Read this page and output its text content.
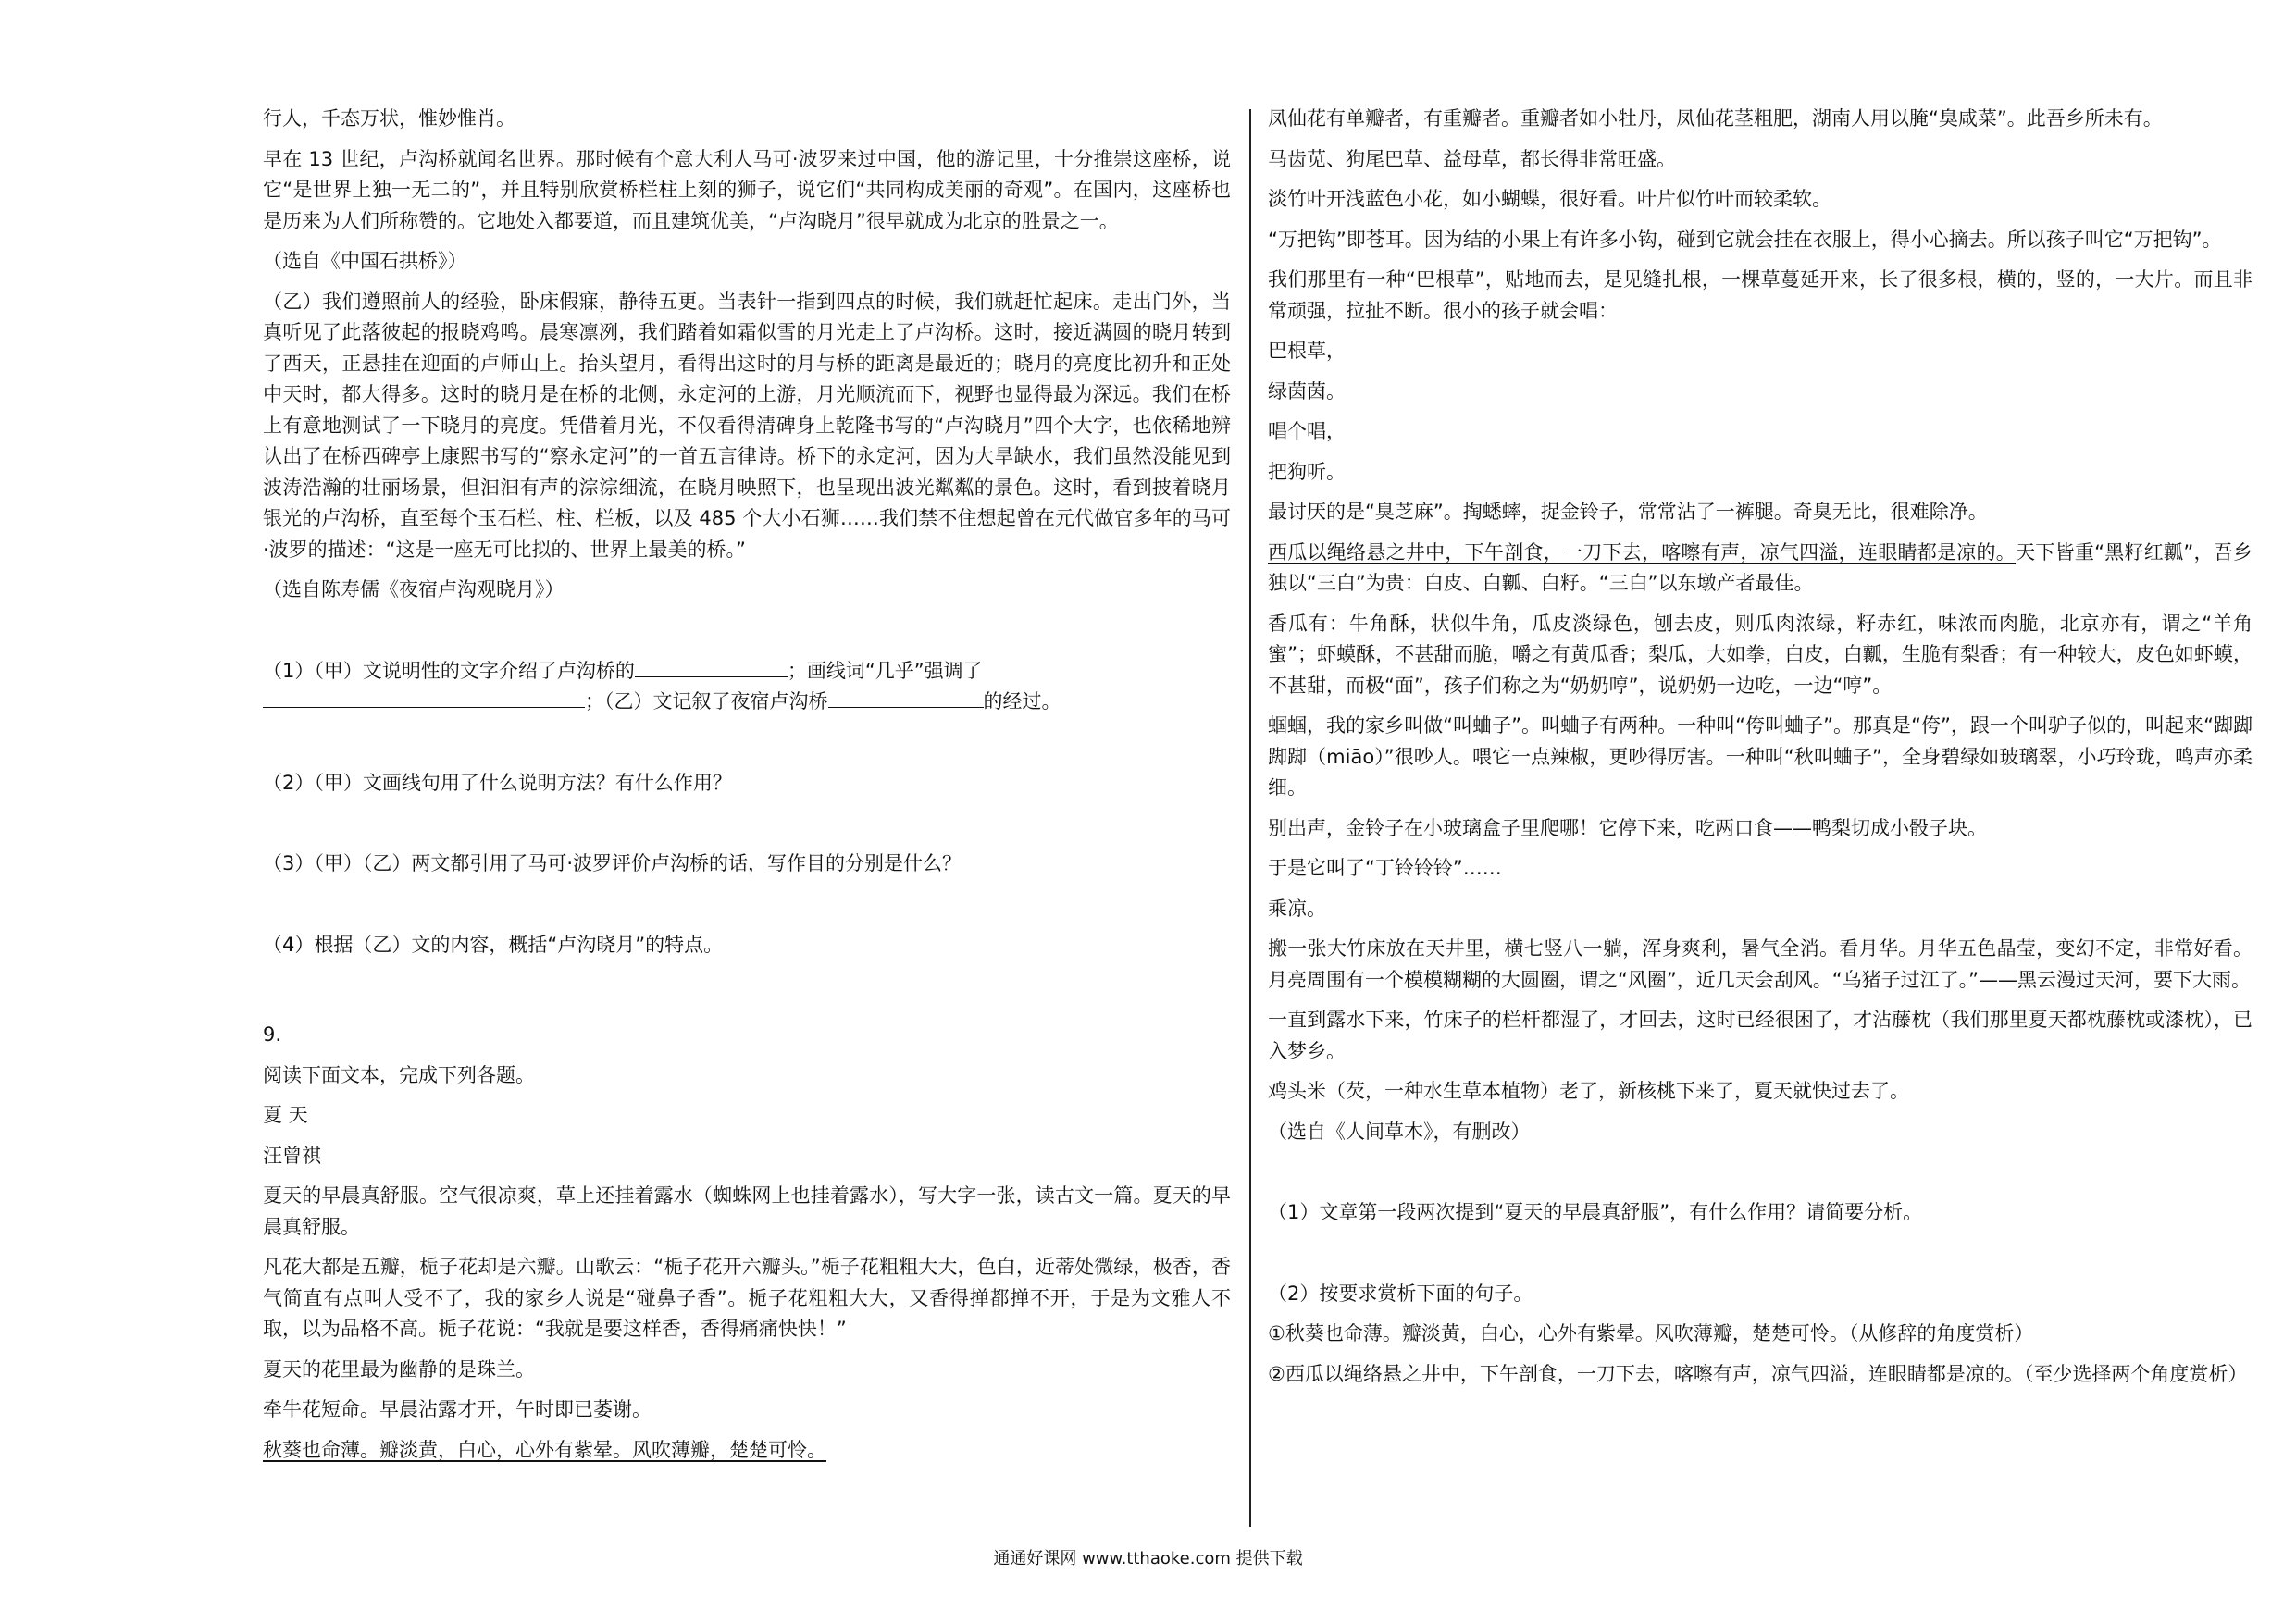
行人，千态万状，惟妙惟肖。

早在 13 世纪，卢沟桥就闻名世界。那时候有个意大利人马可·波罗来过中国，他的游记里，十分推崇这座桥，说它“是世界上独一无二的”，并且特别欣赏桥栏柱上刻的狮子，说它们“共同构成美丽的奇观”。在国内，这座桥也是历来为人们所称赞的。它地处入都要道，而且建筑优美，“卢沟晓月”很早就成为北京的胜景之一。

（选自《中国石拱桥》）

（乙）我们遵照前人的经验，卧床假寐，静待五更。当表针一指到四点的时候，我们就赶忙起床。走出门外，当真听见了此落彼起的报晓鸡鸣。晨寒凛冽，我们踏着如霜似雪的月光走上了卢沟桥。这时，接近满圆的晓月转到了西天，正悬挂在迎面的卢师山上。抬头望月，看得出这时的月与桥的距离是最近的；晓月的亮度比初升和正处中天时，都大得多。这时的晓月是在桥的北侧，永定河的上游，月光顺流而下，视野也显得最为深远。我们在桥上有意地测试了一下晓月的亮度。凭借着月光，不仅看得清碑身上乾隆书写的“卢沟晓月”四个大字，也依稀地辨认出了在桥西碑亭上康熙书写的“察永定河”的一首五言律诗。桥下的永定河，因为大旱缺水，我们虽然没能见到波涛浩瀚的壮丽场景，但汩汩有声的淙淙细流，在晓月映照下，也呈现出波光粼粼的景色。这时，看到披着晓月银光的卢沟桥，直至每个玉石栏、柱、栏板，以及 485 个大小石狮……我们禁不住想起曾在元代做官多年的马可·波罗的描述：“这是一座无可比拟的、世界上最美的桥。”

（选自陈寿儒《夜宿卢沟观晓月》）

（1）（甲）文说明性的文字介绍了卢沟桥的	；画线词“几乎”强调了
；（乙）文记叙了夜宿卢沟桥	的经过。

（2）（甲）文画线句用了什么说明方法？有什么作用？

（3）（甲）（乙）两文都引用了马可·波罗评价卢沟桥的话，写作目的分别是什么？

（4）根据（乙）文的内容，概括“卢沟晓月”的特点。

9.

阅读下面文本，完成下列各题。

夏 天

汪曾祺

夏天的早晨真舒服。空气很凉爽，草上还挂着露水（蜘蛛网上也挂着露水），写大字一张，读古文一篇。夏天的早晨真舒服。

凡花大都是五瓣，栀子花却是六瓣。山歌云：“栀子花开六瓣头。”栀子花粗粗大大，色白，近蒂处微绿，极香，香气简直有点叫人受不了，我的家乡人说是“碰鼻子香”。栀子花粗粗大大，又香得掸都掸不开，于是为文雅人不取，以为品格不高。栀子花说：“我就是要这样香，香得痛痛快快！”

夏天的花里最为幽静的是珠兰。

牵牛花短命。早晨沾露才开，午时即已萎谢。

秋葵也命薄。瓣淡黄，白心，心外有紫晕。风吹薄瓣，楚楚可怜。

凤仙花有单瓣者，有重瓣者。重瓣者如小牡丹，凤仙花茎粗肥，湖南人用以腌“臭咸菜”。此吾乡所未有。

马齿苋、狗尾巴草、益母草，都长得非常旺盛。

淡竹叶开浅蓝色小花，如小蝴蝶，很好看。叶片似竹叶而较柔软。

“万把钩”即苍耳。因为结的小果上有许多小钩，碰到它就会挂在衣服上，得小心摘去。所以孩子叫它“万把钩”。

我们那里有一种“巴根草”，贴地而去，是见缝扎根，一棵草蔓延开来，长了很多根，横的，竖的，一大片。而且非常顽强，拉扯不断。很小的孩子就会唱：

巴根草，

绿茵茵。

唱个唱，

把狗听。

最讨厌的是“臭芝麻”。掏蟋蟀，捉金铃子，常常沾了一裤腿。奇臭无比，很难除净。

西瓜以绳络悬之井中，下午剖食，一刀下去，喀嚓有声，凉气四溢，连眼睛都是凉的。天下皆重“黑籽红瓤”，吾乡独以“三白”为贵：白皮、白瓤、白籽。“三白”以东墩产者最佳。

香瓜有：牛角酥，状似牛角，瓜皮淡绿色，刨去皮，则瓜肉浓绿，籽赤红，味浓而肉脆，北京亦有，谓之“羊角蜜”；虾蟆酥，不甚甜而脆，嚼之有黄瓜香；梨瓜，大如拳，白皮，白瓤，生脆有梨香；有一种较大，皮色如虾蟆，不甚甜，而极“面”，孩子们称之为“奶奶哼”，说奶奶一边吃，一边“哼”。

蝈蝈，我的家乡叫做“叫蛐子”。叫蛐子有两种。一种叫“侉叫蛐子”。那真是“侉”，跟一个叫驴子似的，叫起来“踋踋踋踋（miāo）”很吵人。喂它一点辣椒，更吵得厉害。一种叫“秋叫蛐子”，全身碧绿如玻璃翠，小巧玲珑，鸣声亦柔细。

别出声，金铃子在小玻璃盒子里爬哪！它停下来，吃两口食——鸭梨切成小骰子块。

于是它叫了“丁铃铃铃”……

乘凉。

搬一张大竹床放在天井里，横七竖八一躺，浑身爽利，暑气全消。看月华。月华五色晶莹，变幻不定，非常好看。月亮周围有一个模模糊糊的大圆圈，谓之“风圈”，近几天会刮风。“乌猪子过江了。”——黑云漫过天河，要下大雨。

一直到露水下来，竹床子的栏杆都湿了，才回去，这时已经很困了，才沾藤枕（我们那里夏天都枕藤枕或漆枕），已入梦乡。

鸡头米（芡，一种水生草本植物）老了，新核桃下来了，夏天就快过去了。

（选自《人间草木》，有删改）

（1）文章第一段两次提到“夏天的早晨真舒服”，有什么作用？请简要分析。

（2）按要求赏析下面的句子。

①秋葵也命薄。瓣淡黄，白心，心外有紫晕。风吹薄瓣，楚楚可怜。（从修辞的角度赏析）

②西瓜以绳络悬之井中，下午剖食，一刀下去，喀嚓有声，凉气四溢，连眼睛都是凉的。（至少选择两个角度赏析）

通通好课网 www.tthaoke.com 提供下载
